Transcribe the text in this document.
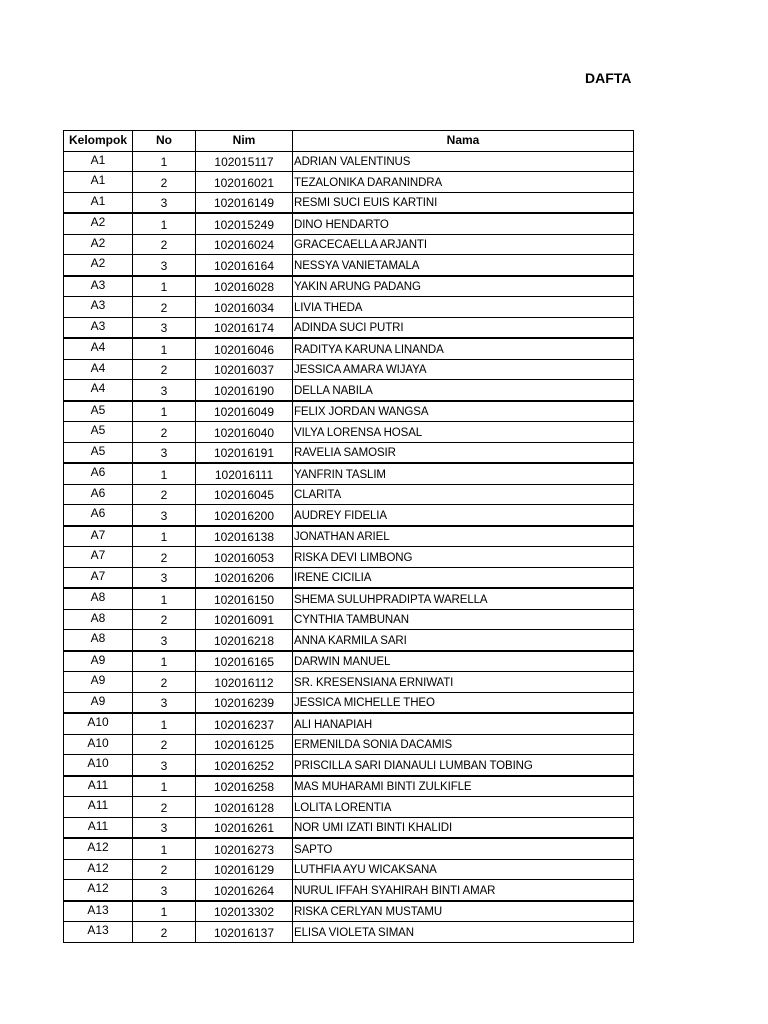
DAFTA
Kelompok	No	Nim	Nama
A1	1	102015117	ADRIAN VALENTINUS
A1	2	102016021	TEZALONIKA DARANINDRA
A1	3	102016149	RESMI SUCI EUIS KARTINI
A2	1	102015249	DINO HENDARTO
A2	2	102016024	GRACECAELLA ARJANTI
A2	3	102016164	NESSYA VANIETAMALA
A3	1	102016028	YAKIN ARUNG PADANG
A3	2	102016034	LIVIA THEDA
A3	3	102016174	ADINDA SUCI PUTRI
A4	1	102016046	RADITYA KARUNA LINANDA
A4	2	102016037	JESSICA AMARA WIJAYA
A4	3	102016190	DELLA NABILA
A5	1	102016049	FELIX JORDAN WANGSA
A5	2	102016040	VILYA LORENSA HOSAL
A5	3	102016191	RAVELIA SAMOSIR
A6	1	102016111	YANFRIN TASLIM
A6	2	102016045	CLARITA
A6	3	102016200	AUDREY FIDELIA
A7	1	102016138	JONATHAN ARIEL
A7	2	102016053	RISKA DEVI LIMBONG
A7	3	102016206	IRENE CICILIA
A8	1	102016150	SHEMA SULUHPRADIPTA WARELLA
A8	2	102016091	CYNTHIA TAMBUNAN
A8	3	102016218	ANNA KARMILA SARI
A9	1	102016165	DARWIN MANUEL
A9	2	102016112	SR. KRESENSIANA ERNIWATI
A9	3	102016239	JESSICA MICHELLE THEO
A10	1	102016237	ALI HANAPIAH
A10	2	102016125	ERMENILDA SONIA DACAMIS
A10	3	102016252	PRISCILLA SARI DIANAULI LUMBAN TOBING
A11	1	102016258	MAS MUHARAMI BINTI ZULKIFLE
A11	2	102016128	LOLITA LORENTIA
A11	3	102016261	NOR UMI IZATI BINTI KHALIDI
A12	1	102016273	SAPTO
A12	2	102016129	LUTHFIA AYU WICAKSANA
A12	3	102016264	NURUL IFFAH SYAHIRAH BINTI AMAR
A13	1	102013302	RISKA CERLYAN MUSTAMU
A13	2	102016137	ELISA VIOLETA SIMAN
